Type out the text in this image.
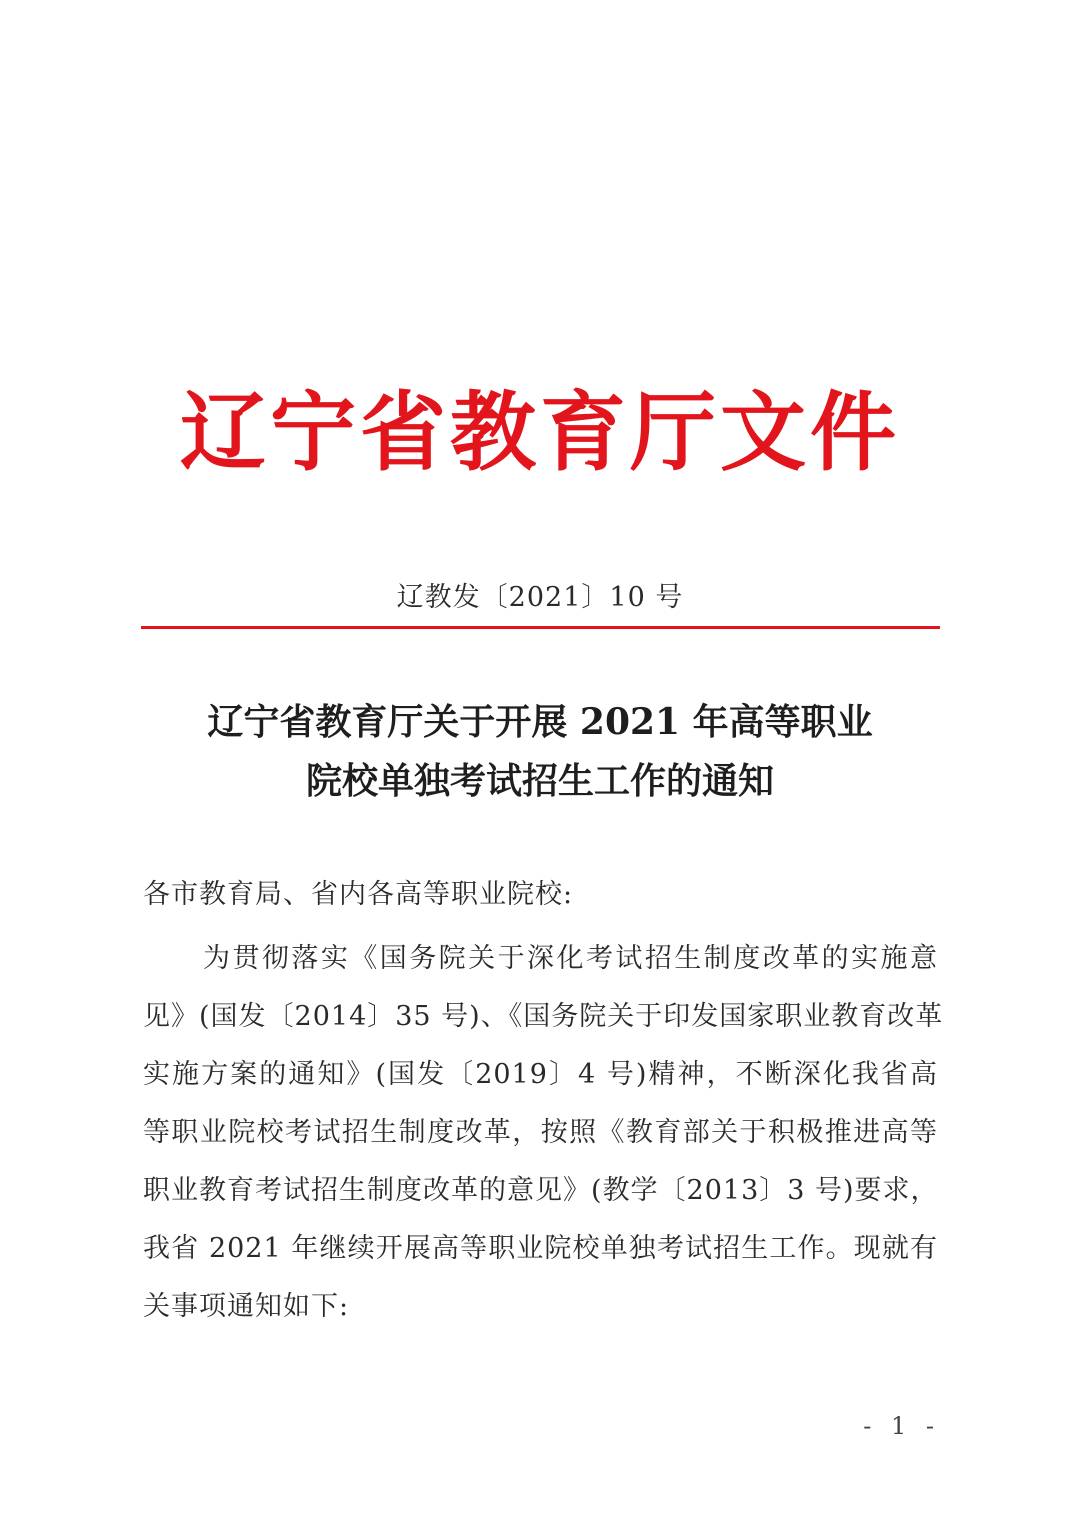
辽宁省教育厅文件
辽教发〔2021〕10 号
辽宁省教育厅关于开展 2021 年高等职业
院校单独考试招生工作的通知
各市教育局、省内各高等职业院校:
为贯彻落实《国务院关于深化考试招生制度改革的实施意
见》(国发〔2014〕35 号)、《国务院关于印发国家职业教育改革
实施方案的通知》(国发〔2019〕4 号)精神，不断深化我省高
等职业院校考试招生制度改革，按照《教育部关于积极推进高等
职业教育考试招生制度改革的意见》(教学〔2013〕3 号)要求，
我省 2021 年继续开展高等职业院校单独考试招生工作。现就有
关事项通知如下:
- 1 -
